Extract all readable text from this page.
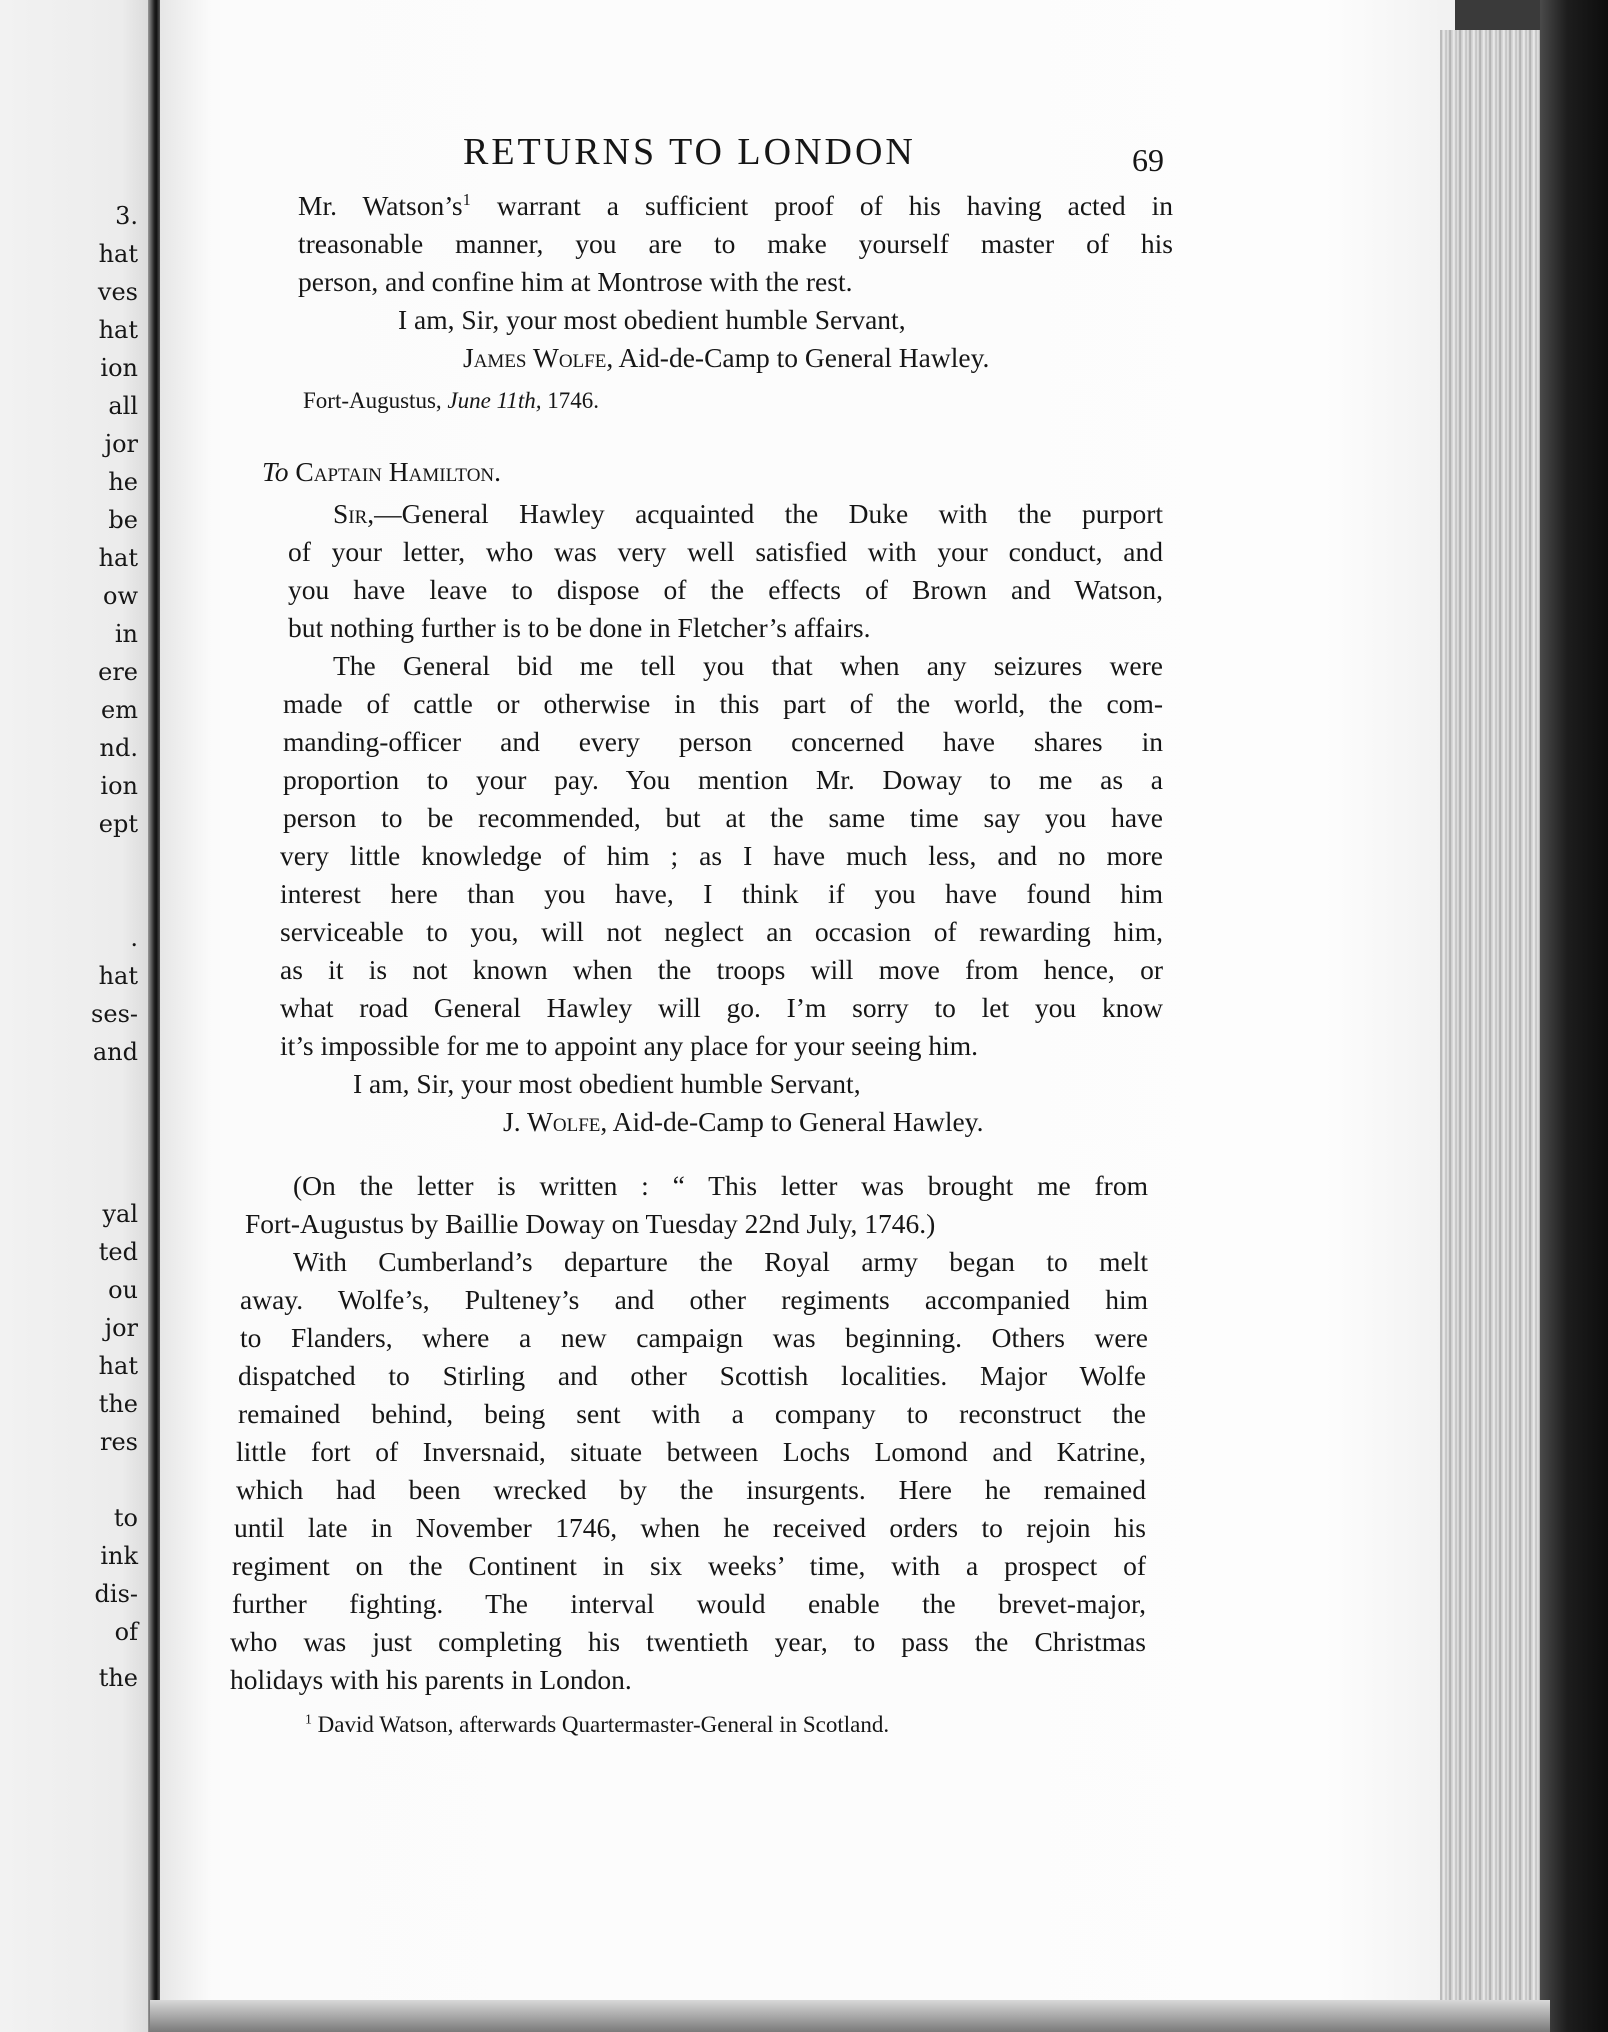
3.
hat
ves
hat
ion
all
jor
he
be
hat
ow
in
ere
em
nd.
ion
ept
.
hat
ses-
and
yal
ted
ou
jor
hat
the
res
to
ink
dis-
of
the
RETURNS TO LONDON	69
Mr. $Watson’s^1$ warrant a sufficient proof of his having acted in
treasonable manner, you are to make yourself master of his
person, and confine him at Montrose with the rest.
I am, Sir, your most obedient humble Servant,
James Wolfe, Aid-de-Camp to General Hawley.
Fort-Augustus, June 11th, 1746.
To Captain Hamilton.
Sir,—General Hawley acquainted the Duke with the purport
of your letter, who was very well satisfied with your conduct, and
you have leave to dispose of the effects of Brown and Watson,
but nothing further is to be done in Fletcher’s affairs.
The General bid me tell you that when any seizures were
made of cattle or otherwise in this part of the world, the com-
manding-officer and every person concerned have shares in
proportion to your pay. You mention Mr. Doway to me as a
person to be recommended, but at the same time say you have
very little knowledge of him ; as I have much less, and no more
interest here than you have, I think if you have found him
serviceable to you, will not neglect an occasion of rewarding him,
as it is not known when the troops will move from hence, or
what road General Hawley will go. I’m sorry to let you know
it’s impossible for me to appoint any place for your seeing him.
I am, Sir, your most obedient humble Servant,
J. Wolfe, Aid-de-Camp to General Hawley.
(On the letter is written : “ This letter was brought me from
Fort-Augustus by Baillie Doway on Tuesday 22nd July, 1746.)
With Cumberland’s departure the Royal army began to melt
away. Wolfe’s, Pulteney’s and other regiments accompanied him
to Flanders, where a new campaign was beginning. Others were
dispatched to Stirling and other Scottish localities. Major Wolfe
remained behind, being sent with a company to reconstruct the
little fort of Inversnaid, situate between Lochs Lomond and Katrine,
which had been wrecked by the insurgents. Here he remained
until late in November 1746, when he received orders to rejoin his
regiment on the Continent in six weeks’ time, with a prospect of
further fighting. The interval would enable the brevet-major,
who was just completing his twentieth year, to pass the Christmas
holidays with his parents in London.
$^1$ David Watson, afterwards Quartermaster-General in Scotland.
